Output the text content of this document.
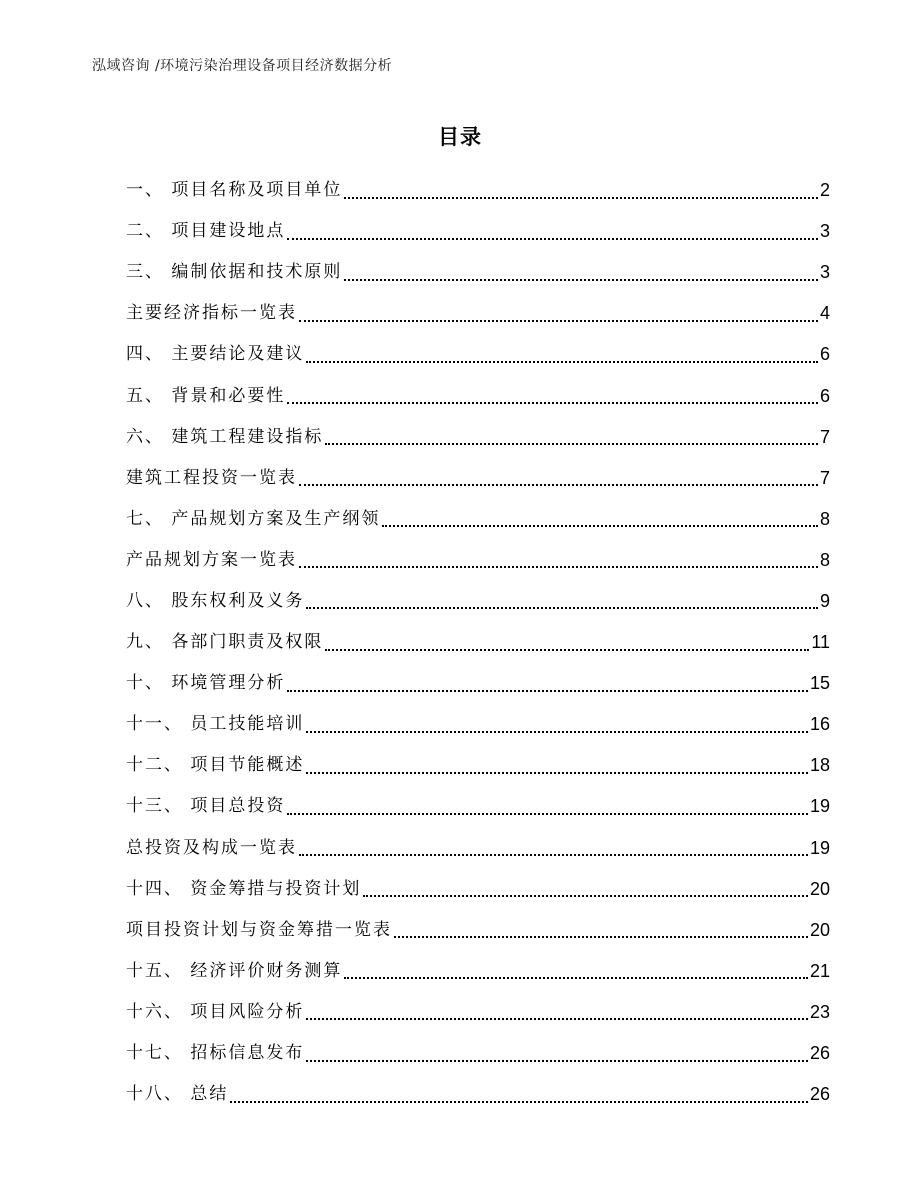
泓域咨询 /环境污染治理设备项目经济数据分析
目录
一、 项目名称及项目单位	2
二、 项目建设地点	3
三、 编制依据和技术原则	3
主要经济指标一览表	4
四、 主要结论及建议	6
五、 背景和必要性	6
六、 建筑工程建设指标	7
建筑工程投资一览表	7
七、 产品规划方案及生产纲领	8
产品规划方案一览表	8
八、 股东权利及义务	9
九、 各部门职责及权限	11
十、 环境管理分析	15
十一、 员工技能培训	16
十二、 项目节能概述	18
十三、 项目总投资	19
总投资及构成一览表	19
十四、 资金筹措与投资计划	20
项目投资计划与资金筹措一览表	20
十五、 经济评价财务测算	21
十六、 项目风险分析	23
十七、 招标信息发布	26
十八、 总结	26
